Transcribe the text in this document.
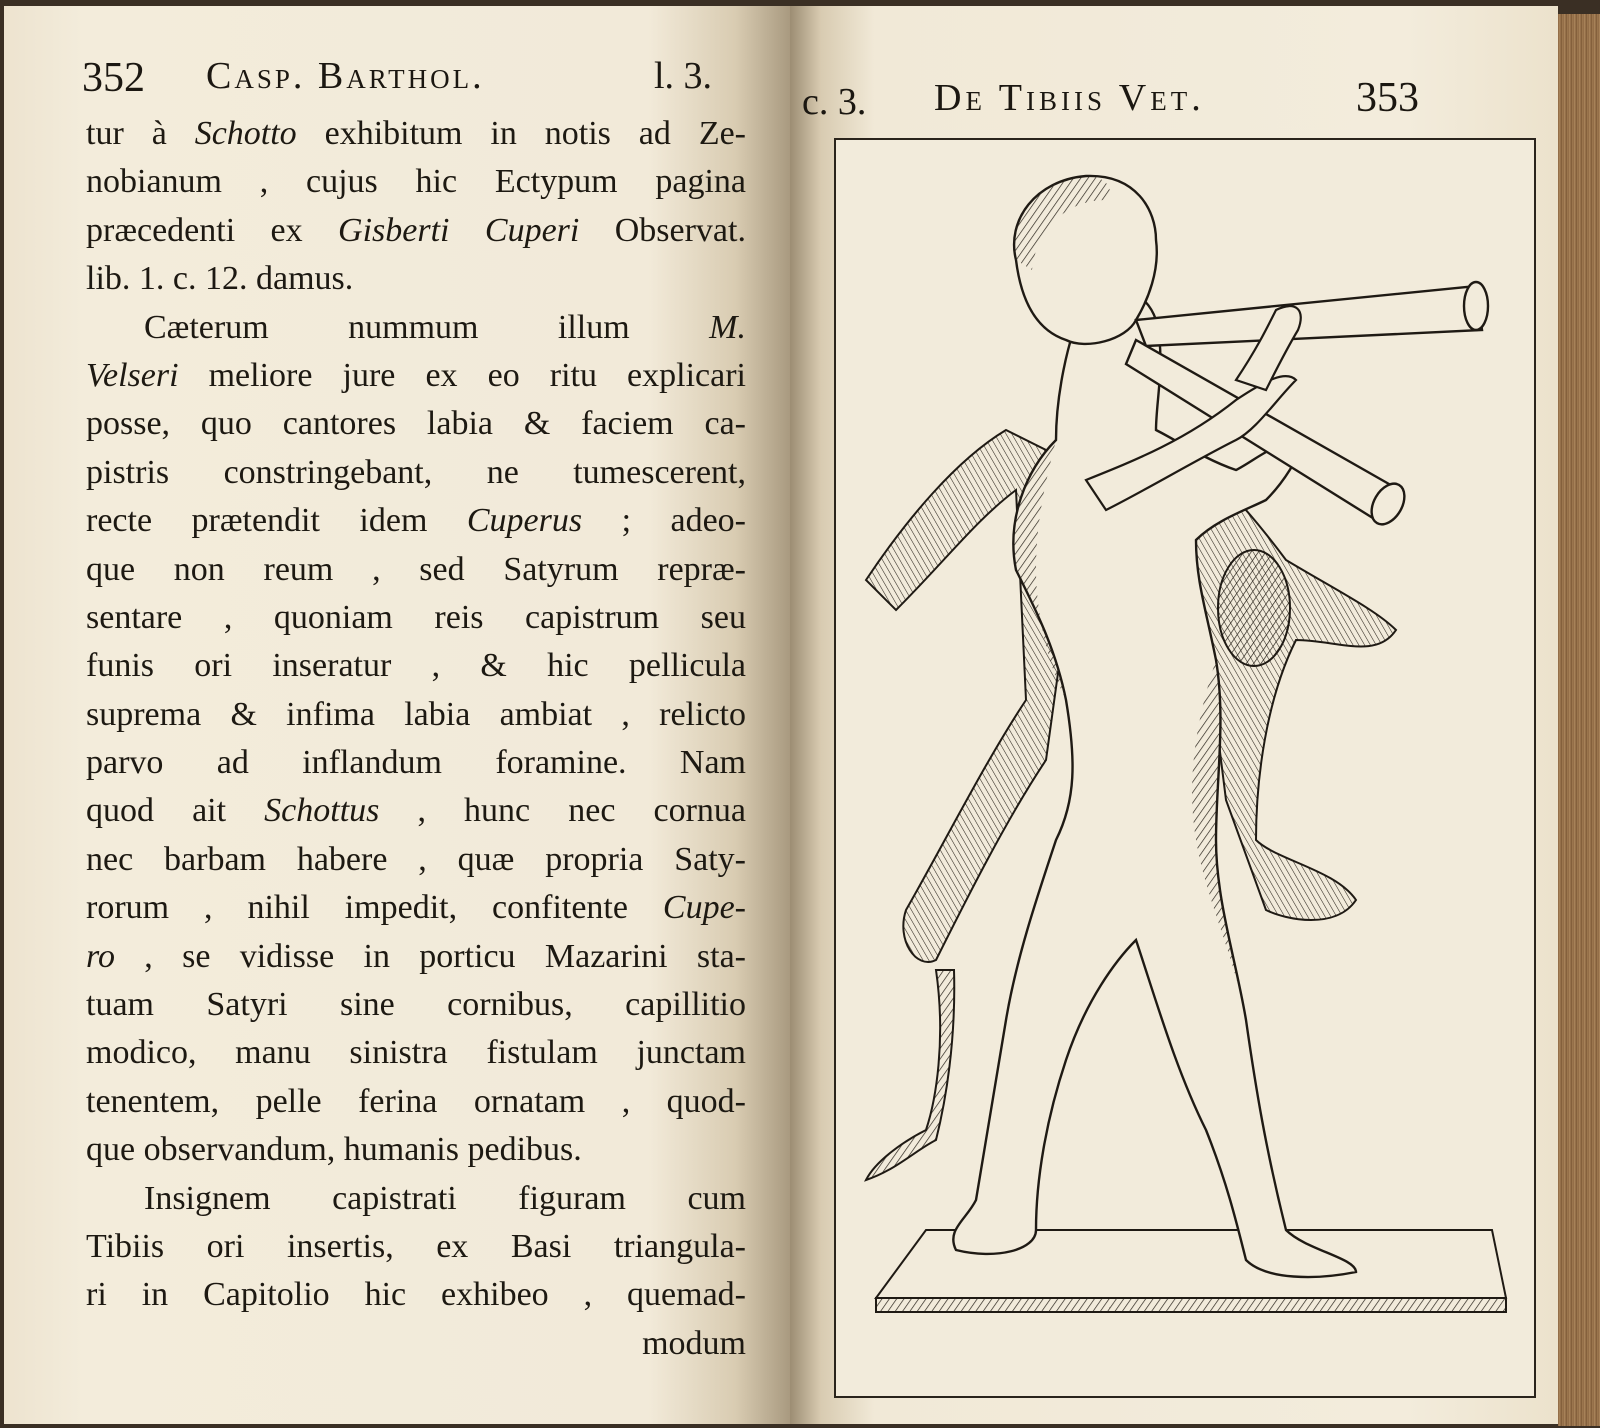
352 Casp. Barthol.	l. 3.
tur à Schotto exhibitum in notis ad Ze-
nobianum , cujus hic Ectypum pagina
præcedenti ex Gisberti Cuperi Observat.
lib. 1. c. 12. damus.
Cæterum nummum illum M.
Velseri meliore jure ex eo ritu explicari
posse, quo cantores labia & faciem ca-
pistris constringebant, ne tumescerent,
recte prætendit idem Cuperus ; adeo-
que non reum , sed Satyrum repræ-
sentare , quoniam reis capistrum seu
funis ori inseratur , & hic pellicula
suprema & infima labia ambiat , relicto
parvo ad inflandum foramine. Nam
quod ait Schottus , hunc nec cornua
nec barbam habere , quæ propria Saty-
rorum , nihil impedit, confitente Cupe-
ro , se vidisse in porticu Mazarini sta-
tuam Satyri sine cornibus, capillitio
modico, manu sinistra fistulam junctam
tenentem, pelle ferina ornatam , quod-
que observandum, humanis pedibus.
Insignem capistrati figuram cum
Tibiis ori insertis, ex Basi triangula-
ri in Capitolio hic exhibeo , quemad-
modum
c. 3. De Tibiis Vet.	353
